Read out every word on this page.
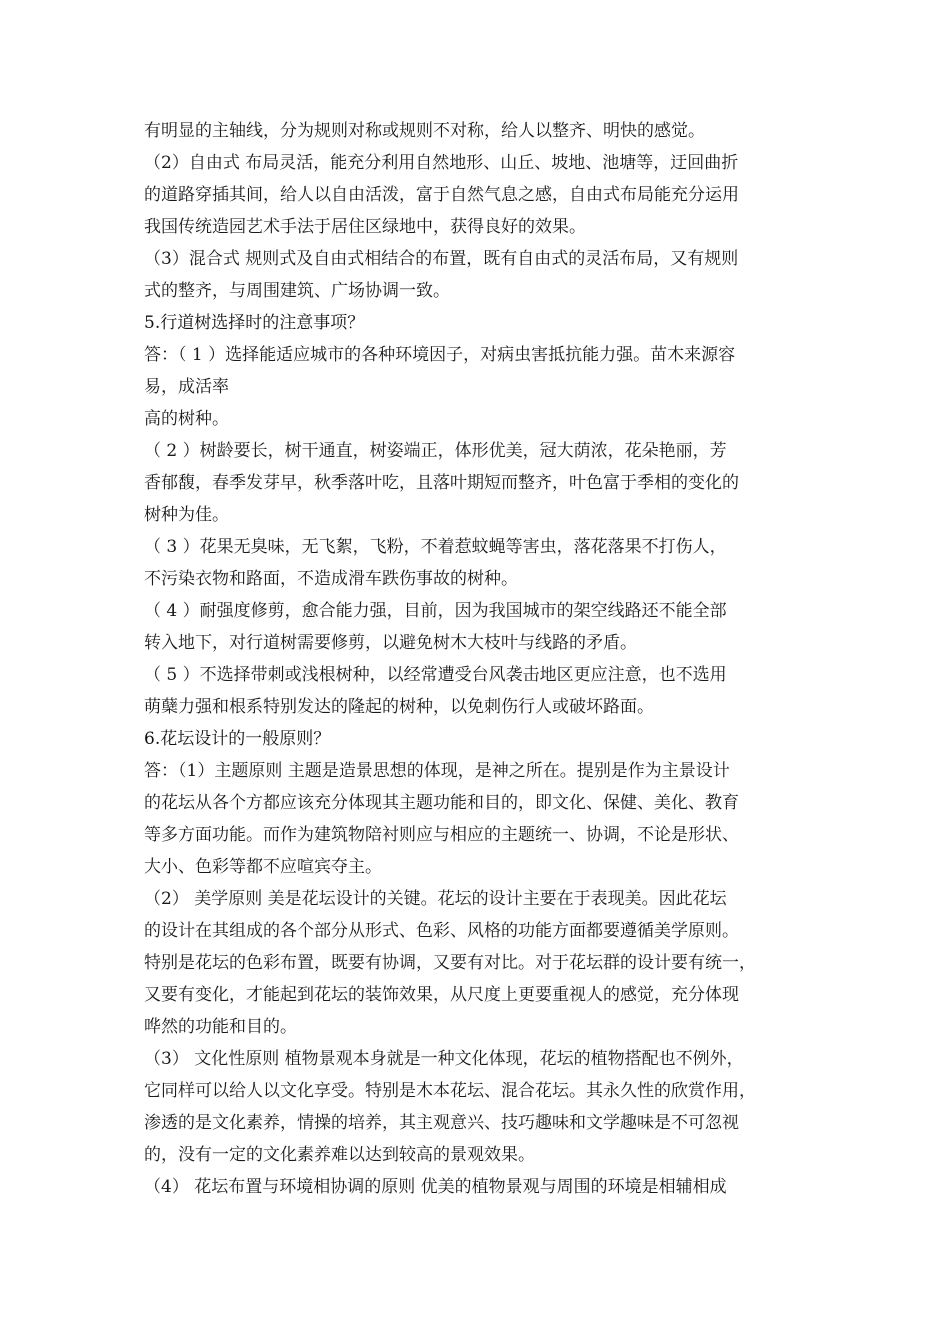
有明显的主轴线，分为规则对称或规则不对称，给人以整齐、明快的感觉。
（2）自由式 布局灵活，能充分利用自然地形、山丘、坡地、池塘等，迂回曲折
的道路穿插其间，给人以自由活泼，富于自然气息之感，自由式布局能充分运用
我国传统造园艺术手法于居住区绿地中，获得良好的效果。
（3）混合式 规则式及自由式相结合的布置，既有自由式的灵活布局，又有规则
式的整齐，与周围建筑、广场协调一致。
5.行道树选择时的注意事项？
答：（ 1 ）选择能适应城市的各种环境因子，对病虫害抵抗能力强。苗木来源容
易，成活率
高的树种。
（ 2 ）树龄要长，树干通直，树姿端正，体形优美，冠大荫浓，花朵艳丽，芳
香郁馥，春季发芽早，秋季落叶吃，且落叶期短而整齐，叶色富于季相的变化的
树种为佳。
（ 3 ）花果无臭味，无飞絮，飞粉，不着惹蚊蝇等害虫，落花落果不打伤人，
不污染衣物和路面，不造成滑车跌伤事故的树种。
（ 4 ）耐强度修剪，愈合能力强，目前，因为我国城市的架空线路还不能全部
转入地下，对行道树需要修剪，以避免树木大枝叶与线路的矛盾。
（ 5 ）不选择带刺或浅根树种，以经常遭受台风袭击地区更应注意，也不选用
萌蘖力强和根系特别发达的隆起的树种，以免刺伤行人或破坏路面。
6.花坛设计的一般原则？
答：（1）主题原则 主题是造景思想的体现，是神之所在。提别是作为主景设计
的花坛从各个方都应该充分体现其主题功能和目的，即文化、保健、美化、教育
等多方面功能。而作为建筑物陪衬则应与相应的主题统一、协调，不论是形状、
大小、色彩等都不应喧宾夺主。
（2） 美学原则 美是花坛设计的关键。花坛的设计主要在于表现美。因此花坛
的设计在其组成的各个部分从形式、色彩、风格的功能方面都要遵循美学原则。
特别是花坛的色彩布置，既要有协调，又要有对比。对于花坛群的设计要有统一，
又要有变化，才能起到花坛的装饰效果，从尺度上更要重视人的感觉，充分体现
哗然的功能和目的。
（3） 文化性原则 植物景观本身就是一种文化体现，花坛的植物搭配也不例外，
它同样可以给人以文化享受。特别是木本花坛、混合花坛。其永久性的欣赏作用，
渗透的是文化素养，情操的培养，其主观意兴、技巧趣味和文学趣味是不可忽视
的，没有一定的文化素养难以达到较高的景观效果。
（4） 花坛布置与环境相协调的原则 优美的植物景观与周围的环境是相辅相成
